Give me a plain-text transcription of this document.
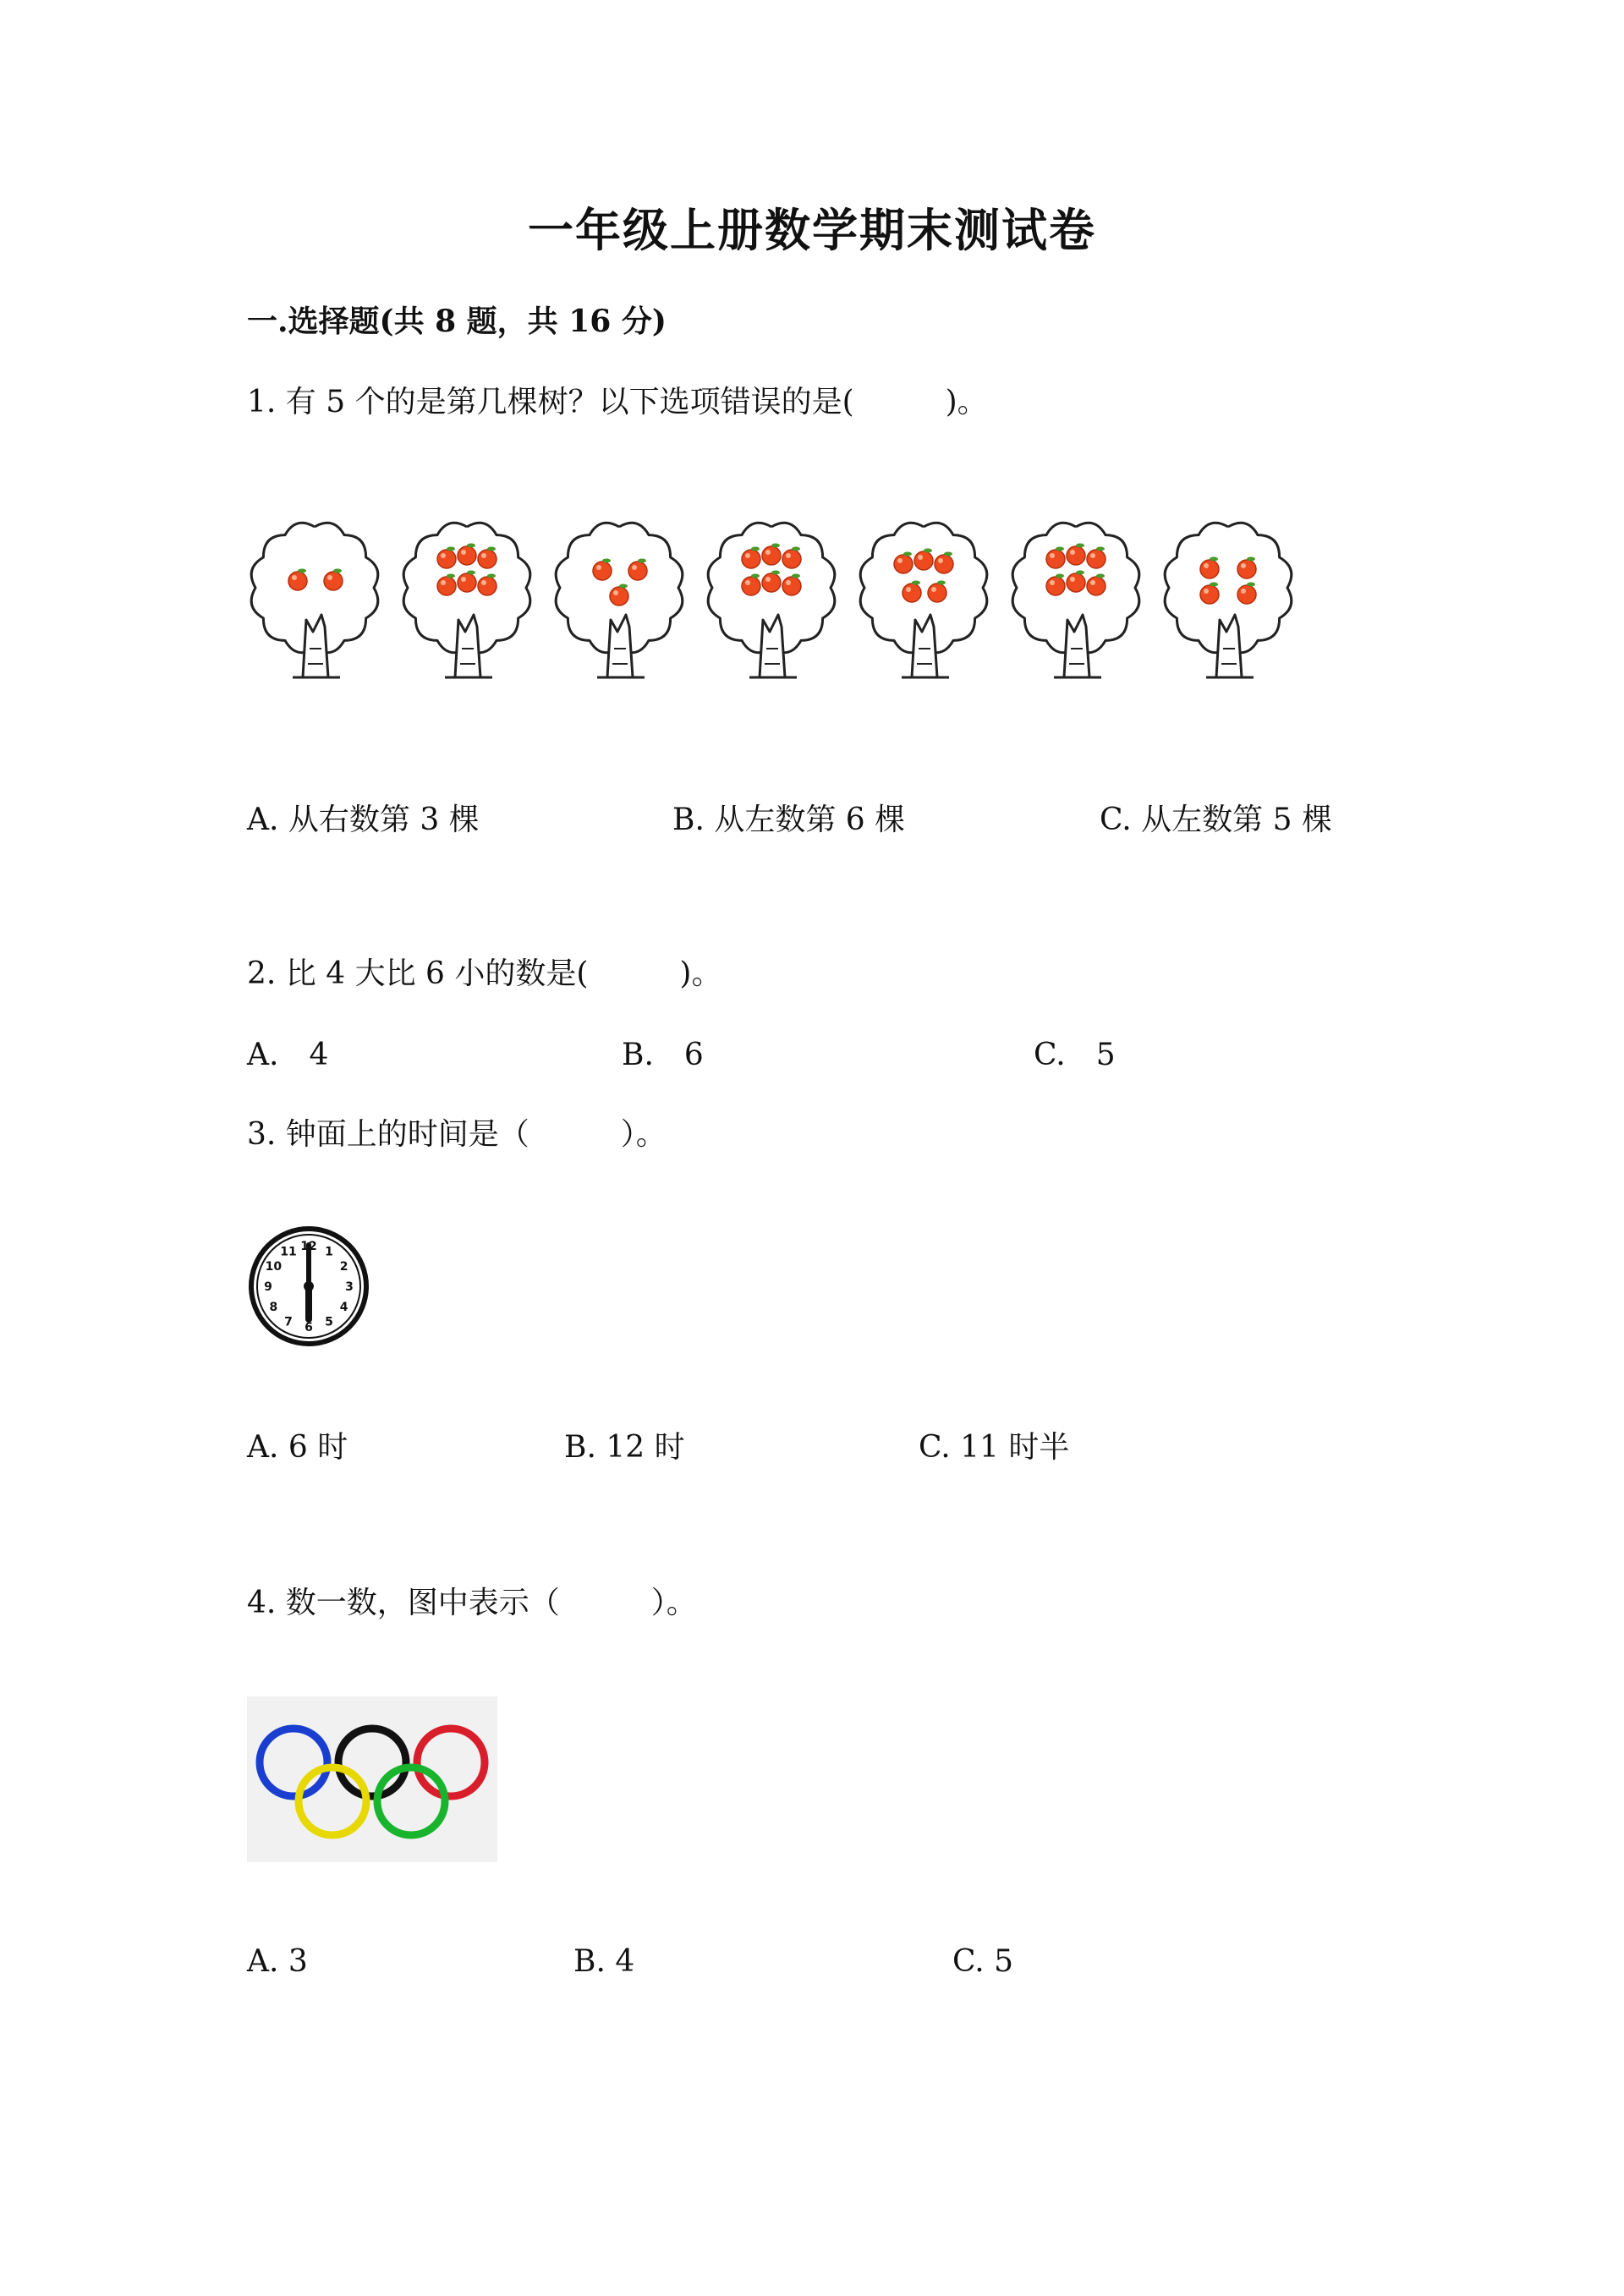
一年级上册数学期末测试卷
一.选择题(共 8 题，共 16 分)
1. 有 5 个的是第几棵树？以下选项错误的是(　　　)。
A. 从右数第 3 棵	B. 从左数第 6 棵	C. 从左数第 5 棵
2. 比 4 大比 6 小的数是(　　　)。
A.　4	B.　6	C.　5
3. 钟面上的时间是（　　　）。
12 1
2
3
4
5
6
7
8
9
10
11
A. 6 时	B. 12 时	C. 11 时半
4. 数一数，图中表示（　　　）。
A. 3	B. 4	C. 5
